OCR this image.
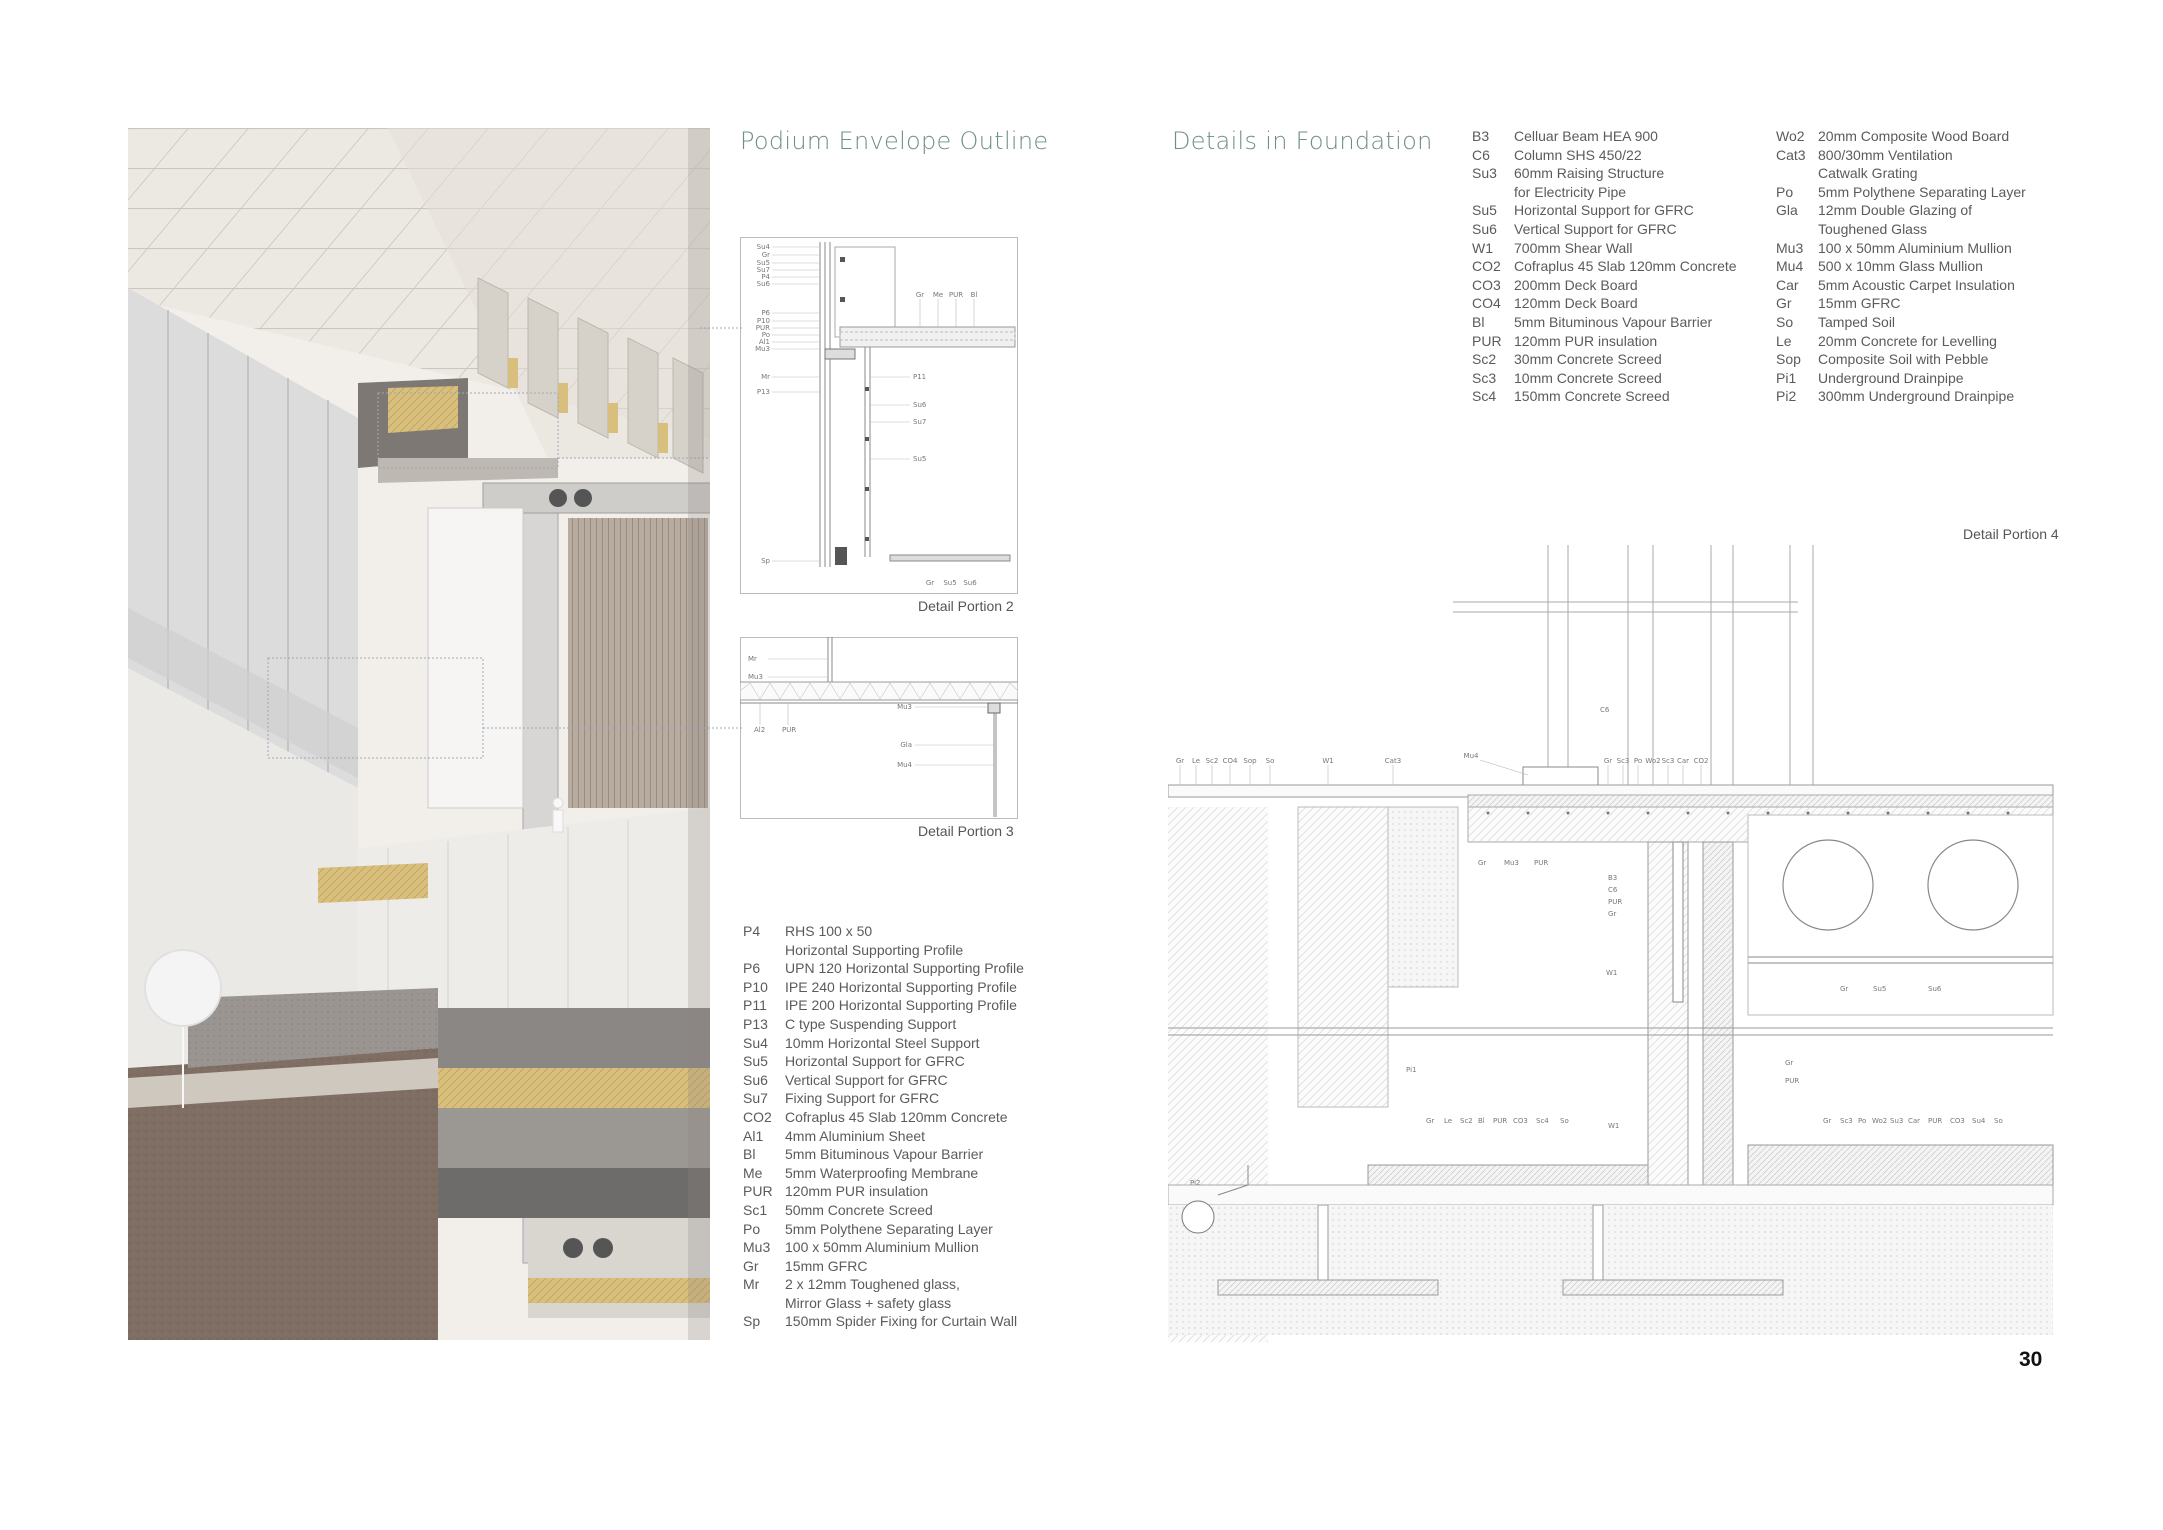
Podium Envelope Outline	Details in Foundation
Su4
Gr
Su5
Su7
P4
Su6
P6
P10
PUR
Po
Al1
Mu3
Mr
P13
Sp
Gr Me PUR Bl
Gr Su5 Su6
P11
Su6
Su7
Su5
Detail Portion 2
Mr
Mu3
Al2 PUR
Mu3
Gla
Mu4
Detail Portion 3
P4	RHS 100 x 50
Horizontal Supporting Profile
P6	UPN 120 Horizontal Supporting Profile
P10	IPE 240 Horizontal Supporting Profile
P11	IPE 200 Horizontal Supporting Profile
P13	C type Suspending Support
Su4	10mm Horizontal Steel Support
Su5	Horizontal Support for GFRC
Su6	Vertical Support for GFRC
Su7	Fixing Support for GFRC
CO2 Cofraplus 45 Slab 120mm Concrete
Al1	4mm Aluminium Sheet
Bl	5mm Bituminous Vapour Barrier
Me	5mm Waterproofing Membrane
PUR 120mm PUR insulation
Sc1	50mm Concrete Screed
Po	5mm Polythene Separating Layer
Mu3	100 x 50mm Aluminium Mullion
Gr	15mm GFRC
Mr	2 x 12mm Toughened glass,
Mirror Glass + safety glass
Sp	150mm Spider Fixing for Curtain Wall
B3	Celluar Beam HEA 900
C6	Column SHS 450/22
Su3	60mm Raising Structure
for Electricity Pipe
Su5	Horizontal Support for GFRC
Su6	Vertical Support for GFRC
W1	700mm Shear Wall
CO2 Cofraplus 45 Slab 120mm Concrete
CO3 200mm Deck Board
CO4 120mm Deck Board
Bl	5mm Bituminous Vapour Barrier
PUR 120mm PUR insulation
Sc2	30mm Concrete Screed
Sc3	10mm Concrete Screed
Sc4	150mm Concrete Screed
Wo2 20mm Composite Wood Board
Cat3 800/30mm Ventilation
Catwalk Grating
Po	5mm Polythene Separating Layer
Gla	12mm Double Glazing of
Toughened Glass
Mu3	100 x 50mm Aluminium Mullion
Mu4	500 x 10mm Glass Mullion
Car	5mm Acoustic Carpet Insulation
Gr	15mm GFRC
So	Tamped Soil
Le	20mm Concrete for Levelling
Sop	Composite Soil with Pebble
Pi1	Underground Drainpipe
Pi2	300mm Underground Drainpipe
Detail Portion 4
Gr Le Sc2 CO4 Sop So	W1	Cat3
Mu4
Gr Sc3 Po Wo2 Sc3 Car CO2
C6
Gr	Mu3 PUR
B3
C6
PUR
Gr
W1
Gr	Su5	Su6
Pi1
Gr Le Sc2 Bl PUR CO3 Sc4 So
W1
Pi2
Gr
PUR
Gr Sc3 Po Wo2 Su3 Car PUR CO3 Su4 So
30
